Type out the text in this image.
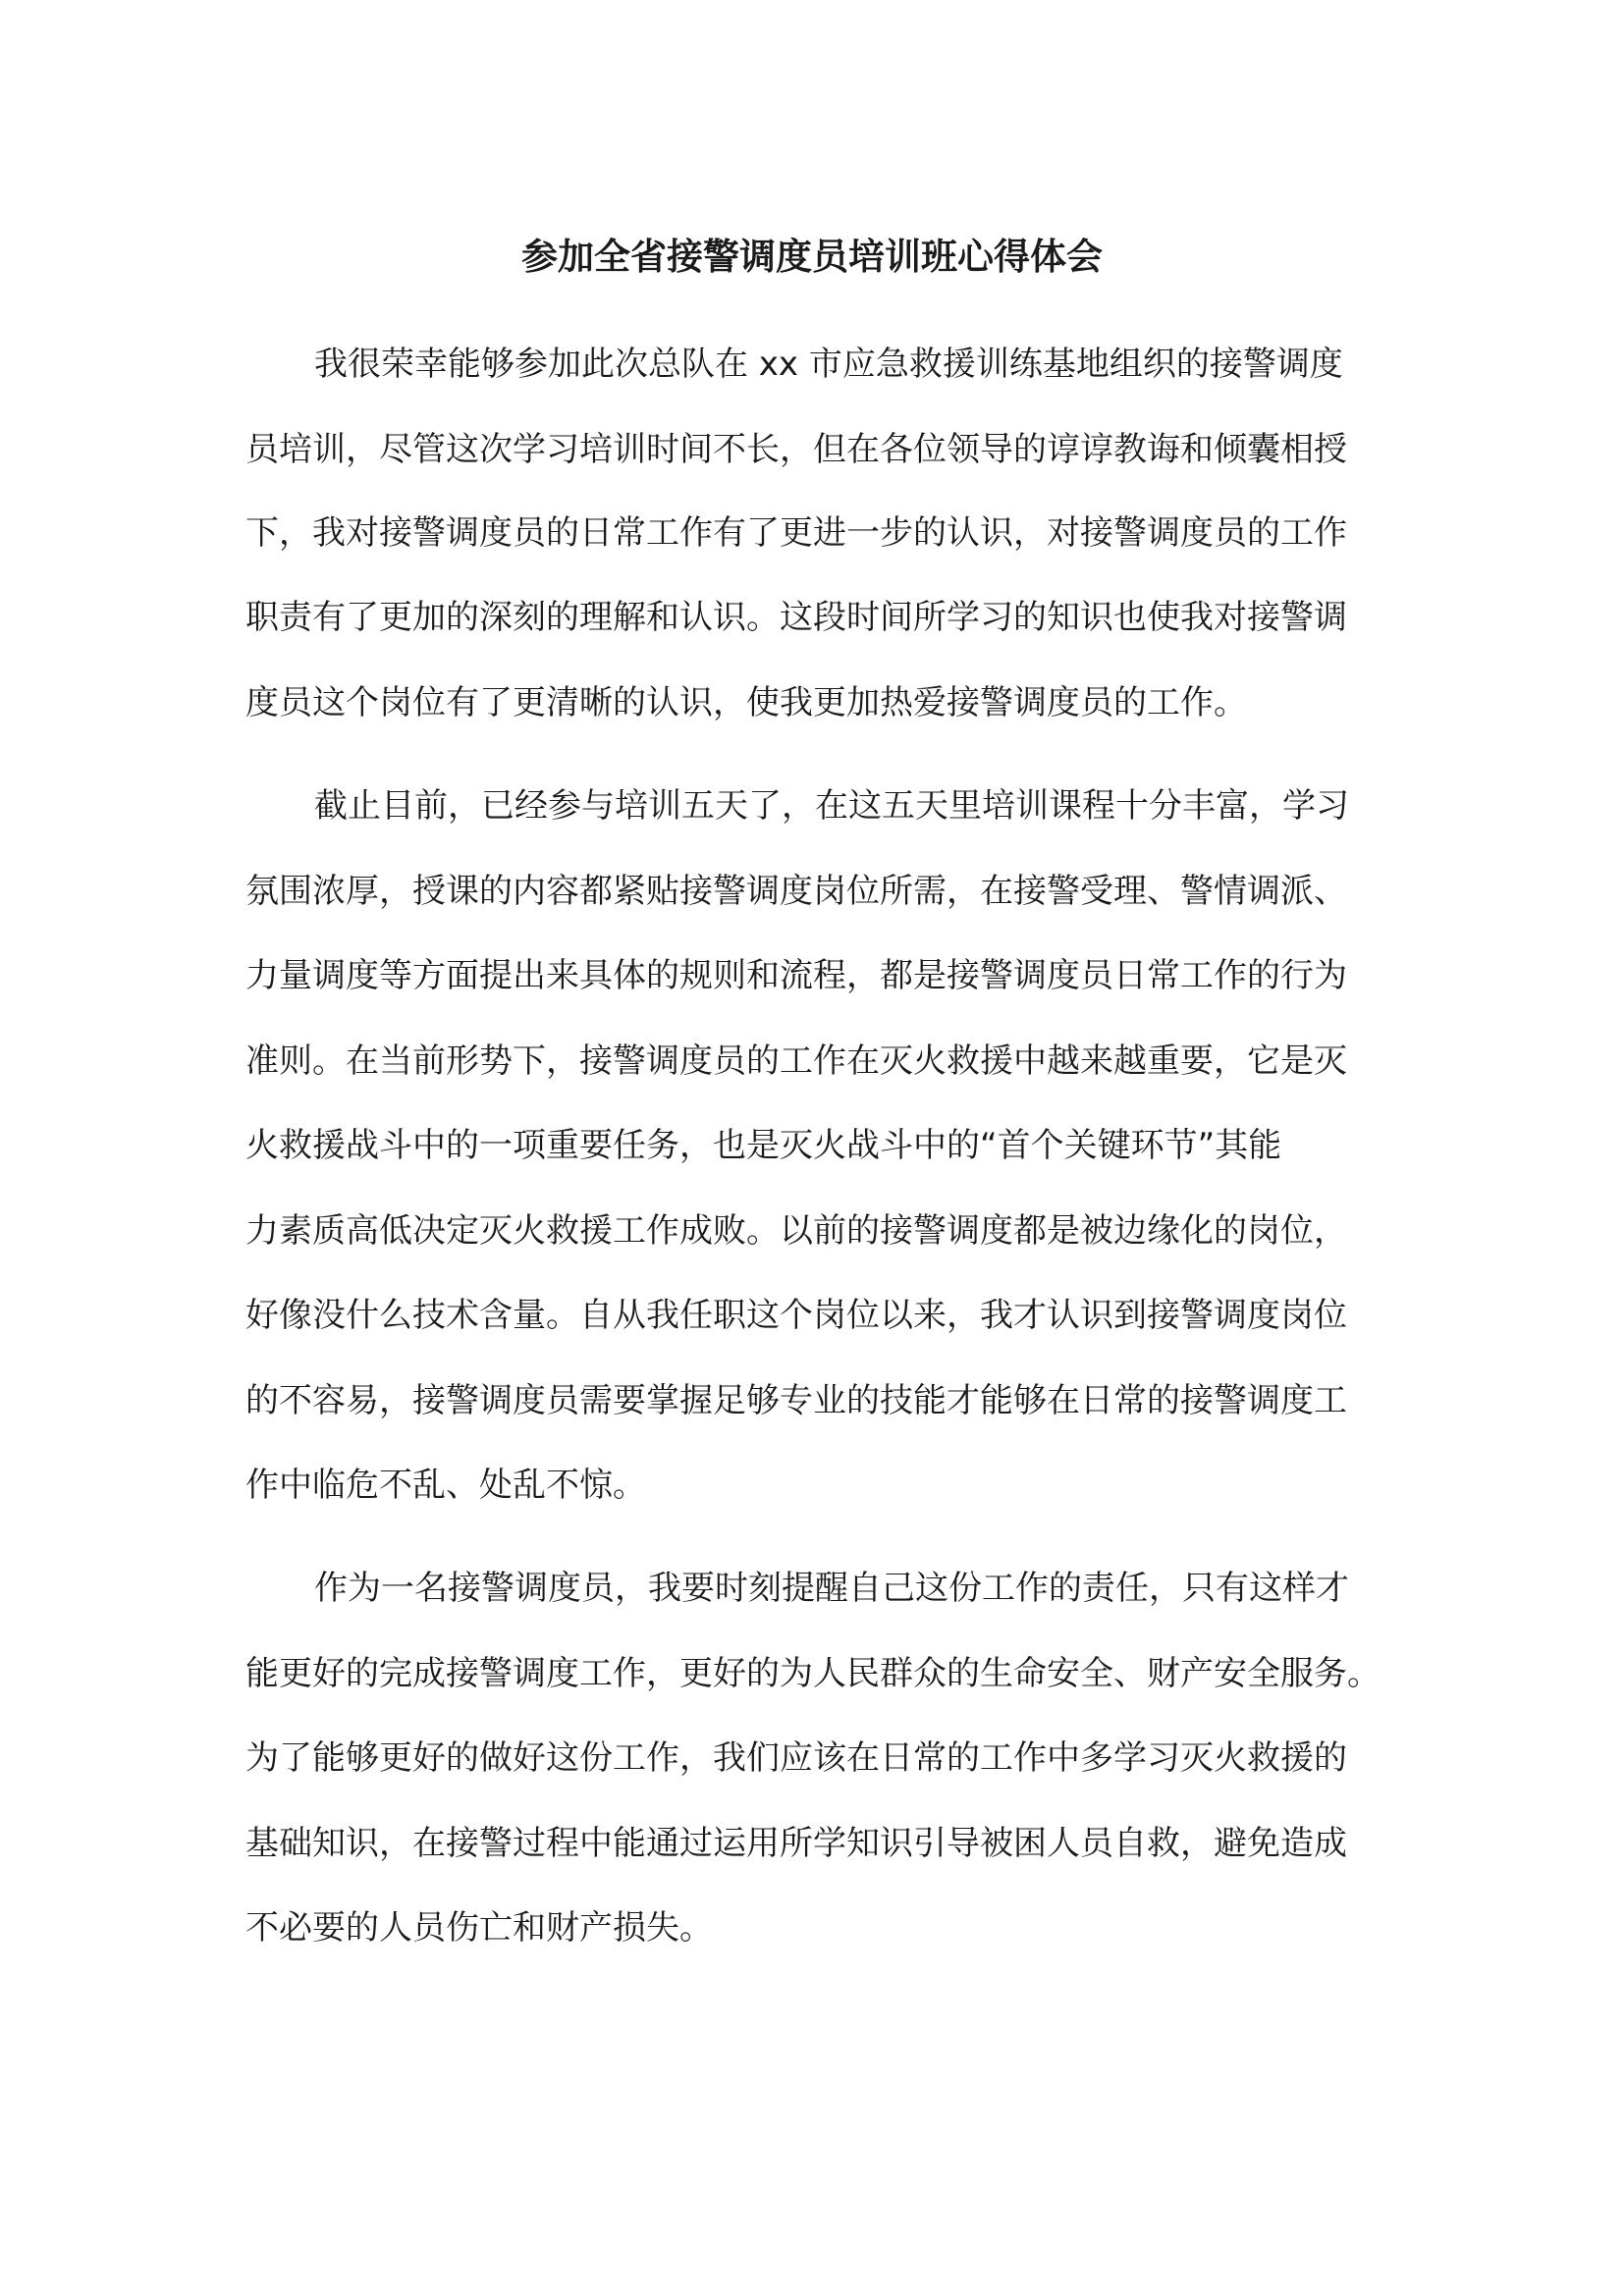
参加全省接警调度员培训班心得体会

我很荣幸能够参加此次总队在 xx 市应急救援训练基地组织的接警调度

员培训，尽管这次学习培训时间不长，但在各位领导的谆谆教诲和倾囊相授

下，我对接警调度员的日常工作有了更进一步的认识，对接警调度员的工作

职责有了更加的深刻的理解和认识。这段时间所学习的知识也使我对接警调

度员这个岗位有了更清晰的认识，使我更加热爱接警调度员的工作。

截止目前，已经参与培训五天了，在这五天里培训课程十分丰富，学习

氛围浓厚，授课的内容都紧贴接警调度岗位所需，在接警受理、警情调派、

力量调度等方面提出来具体的规则和流程，都是接警调度员日常工作的行为

准则。在当前形势下，接警调度员的工作在灭火救援中越来越重要，它是灭

火救援战斗中的一项重要任务，也是灭火战斗中的“首个关键环节”其能

力素质高低决定灭火救援工作成败。以前的接警调度都是被边缘化的岗位，

好像没什么技术含量。自从我任职这个岗位以来，我才认识到接警调度岗位

的不容易，接警调度员需要掌握足够专业的技能才能够在日常的接警调度工

作中临危不乱、处乱不惊。

作为一名接警调度员，我要时刻提醒自己这份工作的责任，只有这样才

能更好的完成接警调度工作，更好的为人民群众的生命安全、财产安全服务。

为了能够更好的做好这份工作，我们应该在日常的工作中多学习灭火救援的

基础知识，在接警过程中能通过运用所学知识引导被困人员自救，避免造成

不必要的人员伤亡和财产损失。
